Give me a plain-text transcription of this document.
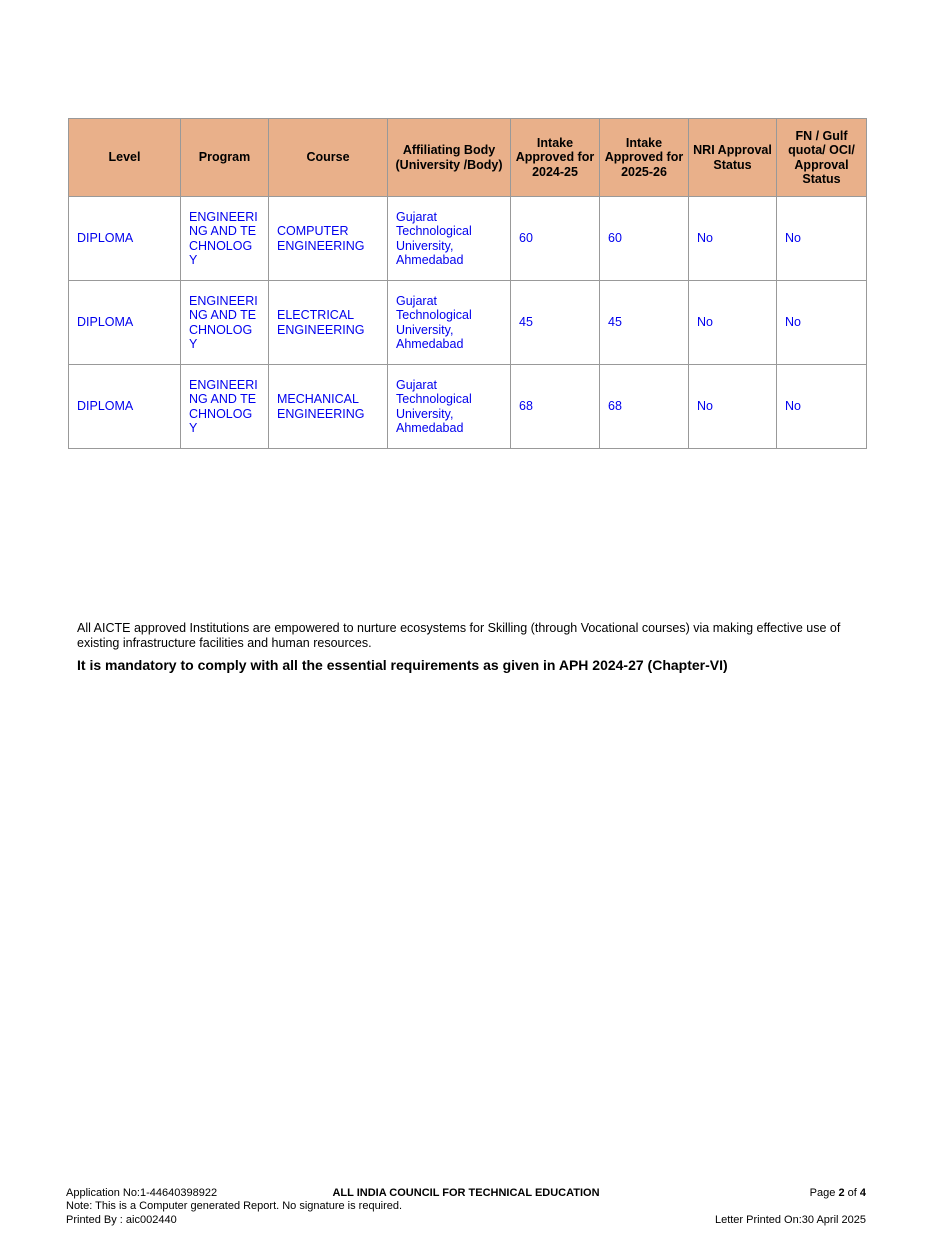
Level	Program	Course	Affiliating Body (University /Body)	Intake Approved for 2024-25	Intake Approved for 2025-26	NRI Approval Status	FN / Gulf quota/ OCI/ Approval Status
DIPLOMA	ENGINEERING AND TECHNOLOGY	COMPUTER ENGINEERING	Gujarat Technological University, Ahmedabad	60	60	No	No
DIPLOMA	ENGINEERING AND TECHNOLOGY	ELECTRICAL ENGINEERING	Gujarat Technological University, Ahmedabad	45	45	No	No
DIPLOMA	ENGINEERING AND TECHNOLOGY	MECHANICAL ENGINEERING	Gujarat Technological University, Ahmedabad	68	68	No	No

All AICTE approved Institutions are empowered to nurture ecosystems for Skilling (through Vocational courses) via making effective use of existing infrastructure facilities and human resources.

It is mandatory to comply with all the essential requirements as given in APH 2024-27 (Chapter-VI)

Application No:1-44640398922	ALL INDIA COUNCIL FOR TECHNICAL EDUCATION	Page 2 of 4
Note: This is a Computer generated Report. No signature is required.
Printed By : aic002440	Letter Printed On:30 April 2025
